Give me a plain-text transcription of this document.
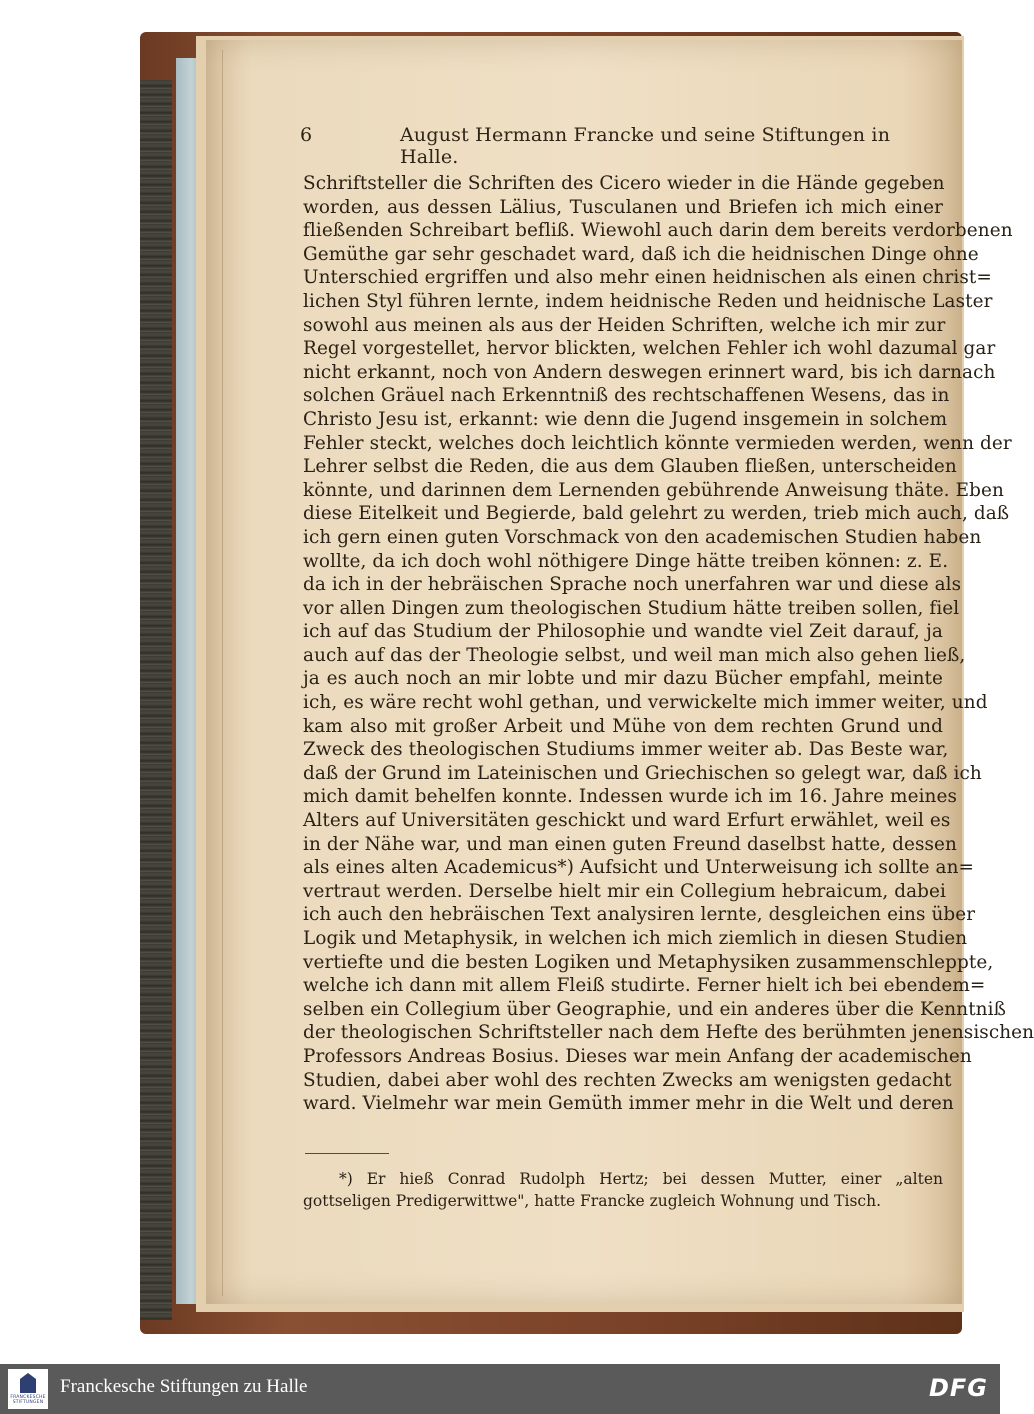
6	August Hermann Francke und seine Stiftungen in Halle.
Schriftsteller die Schriften des Cicero wieder in die Hände gegeben
worden, aus dessen Lälius, Tusculanen und Briefen ich mich einer
fließenden Schreibart befliß. Wiewohl auch darin dem bereits verdorbenen
Gemüthe gar sehr geschadet ward, daß ich die heidnischen Dinge ohne
Unterschied ergriffen und also mehr einen heidnischen als einen christ=
lichen Styl führen lernte, indem heidnische Reden und heidnische Laster
sowohl aus meinen als aus der Heiden Schriften, welche ich mir zur
Regel vorgestellet, hervor blickten, welchen Fehler ich wohl dazumal gar
nicht erkannt, noch von Andern deswegen erinnert ward, bis ich darnach
solchen Gräuel nach Erkenntniß des rechtschaffenen Wesens, das in
Christo Jesu ist, erkannt: wie denn die Jugend insgemein in solchem
Fehler steckt, welches doch leichtlich könnte vermieden werden, wenn der
Lehrer selbst die Reden, die aus dem Glauben fließen, unterscheiden
könnte, und darinnen dem Lernenden gebührende Anweisung thäte. Eben
diese Eitelkeit und Begierde, bald gelehrt zu werden, trieb mich auch, daß
ich gern einen guten Vorschmack von den academischen Studien haben
wollte, da ich doch wohl nöthigere Dinge hätte treiben können: z. E.
da ich in der hebräischen Sprache noch unerfahren war und diese als
vor allen Dingen zum theologischen Studium hätte treiben sollen, fiel
ich auf das Studium der Philosophie und wandte viel Zeit darauf, ja
auch auf das der Theologie selbst, und weil man mich also gehen ließ,
ja es auch noch an mir lobte und mir dazu Bücher empfahl, meinte
ich, es wäre recht wohl gethan, und verwickelte mich immer weiter, und
kam also mit großer Arbeit und Mühe von dem rechten Grund und
Zweck des theologischen Studiums immer weiter ab. Das Beste war,
daß der Grund im Lateinischen und Griechischen so gelegt war, daß ich
mich damit behelfen konnte. Indessen wurde ich im 16. Jahre meines
Alters auf Universitäten geschickt und ward Erfurt erwählet, weil es
in der Nähe war, und man einen guten Freund daselbst hatte, dessen
als eines alten Academicus*) Aufsicht und Unterweisung ich sollte an=
vertraut werden. Derselbe hielt mir ein Collegium hebraicum, dabei
ich auch den hebräischen Text analysiren lernte, desgleichen eins über
Logik und Metaphysik, in welchen ich mich ziemlich in diesen Studien
vertiefte und die besten Logiken und Metaphysiken zusammenschleppte,
welche ich dann mit allem Fleiß studirte. Ferner hielt ich bei ebendem=
selben ein Collegium über Geographie, und ein anderes über die Kenntniß
der theologischen Schriftsteller nach dem Hefte des berühmten jenensischen
Professors Andreas Bosius. Dieses war mein Anfang der academischen
Studien, dabei aber wohl des rechten Zwecks am wenigsten gedacht
ward. Vielmehr war mein Gemüth immer mehr in die Welt und deren
*) Er hieß Conrad Rudolph Hertz; bei dessen Mutter, einer „alten
gottseligen Predigerwittwe", hatte Francke zugleich Wohnung und Tisch.
FRANCKESCHE STIFTUNGEN
Franckesche Stiftungen zu Halle	DFG
